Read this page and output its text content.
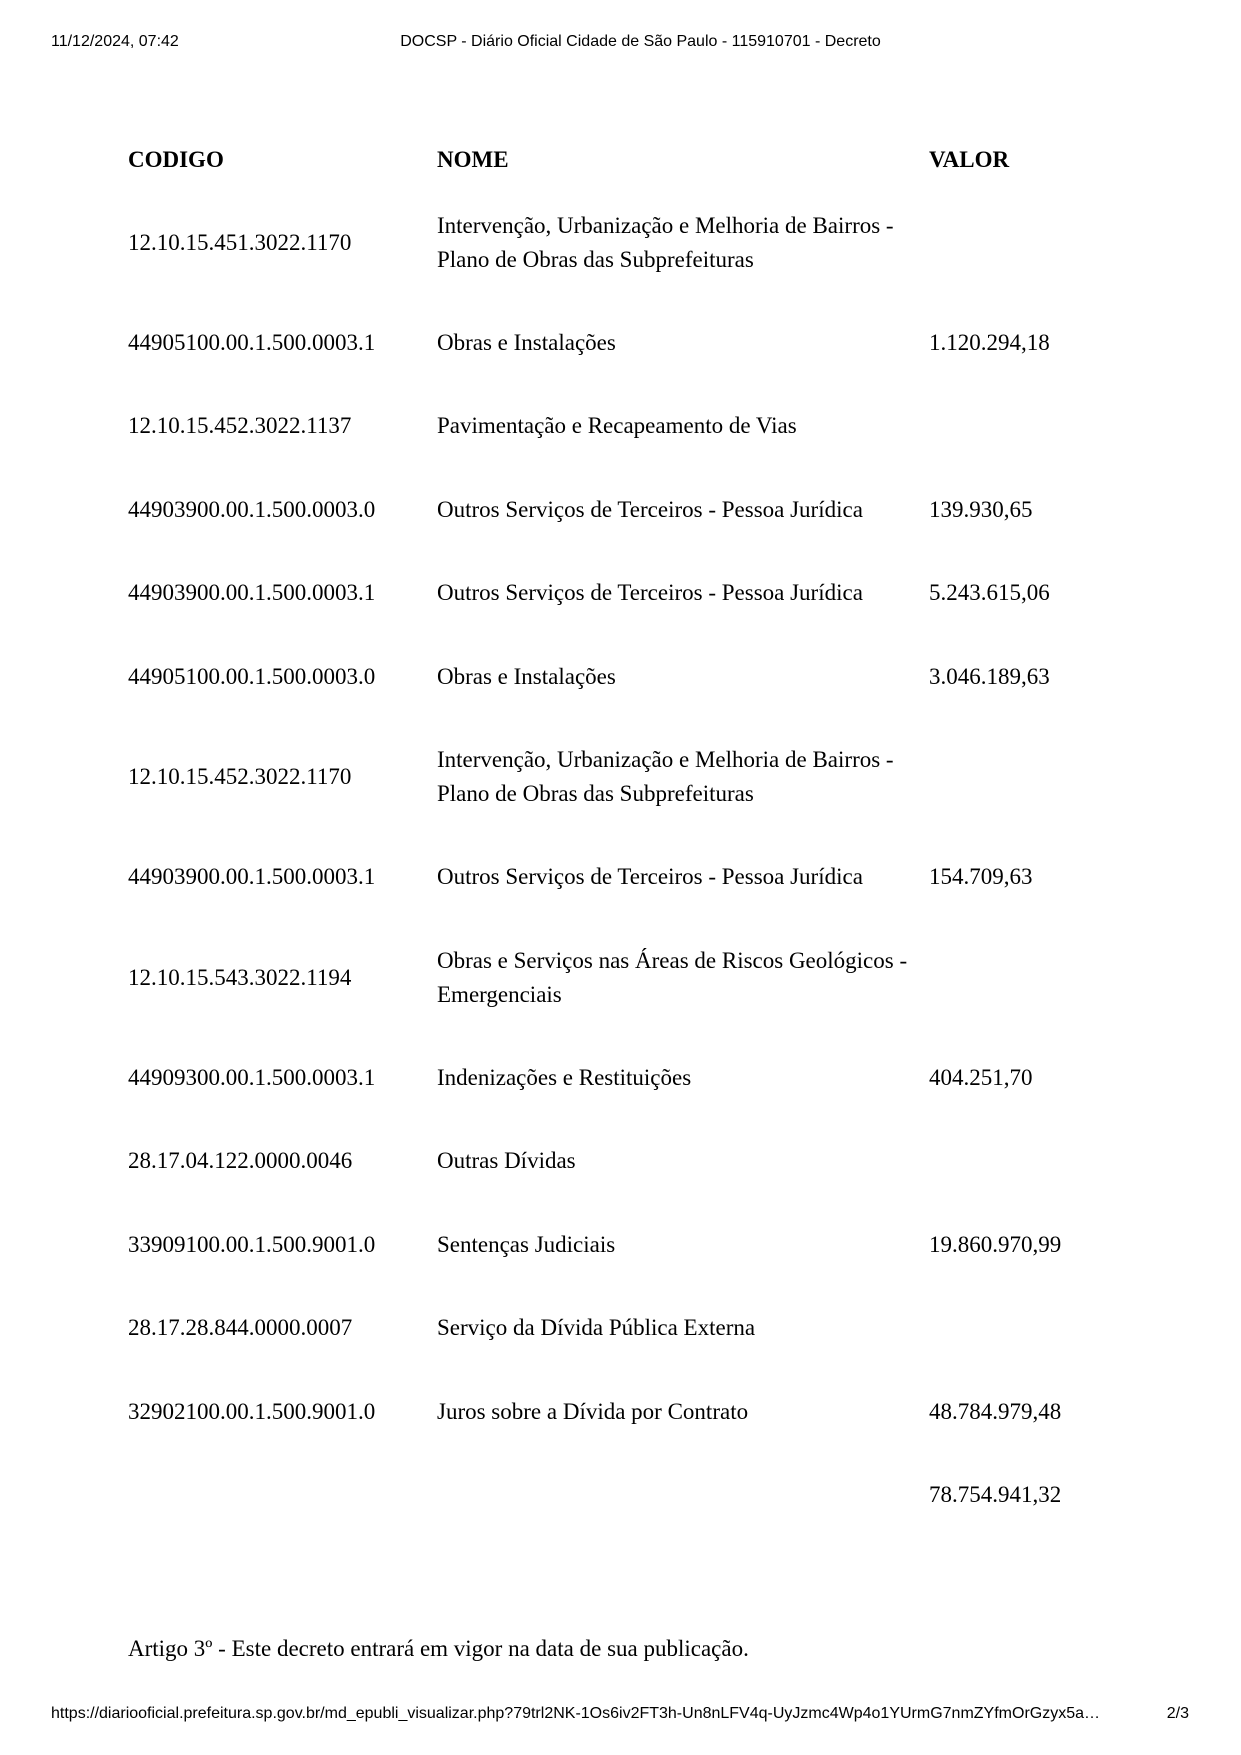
11/12/2024, 07:42	DOCSP - Diário Oficial Cidade de São Paulo - 115910701 - Decreto
CODIGO	NOME	VALOR
12.10.15.451.3022.1170	Intervenção, Urbanização e Melhoria de Bairros - Plano de Obras das Subprefeituras	
44905100.00.1.500.0003.1	Obras e Instalações	1.120.294,18
12.10.15.452.3022.1137	Pavimentação e Recapeamento de Vias	
44903900.00.1.500.0003.0	Outros Serviços de Terceiros - Pessoa Jurídica	139.930,65
44903900.00.1.500.0003.1	Outros Serviços de Terceiros - Pessoa Jurídica	5.243.615,06
44905100.00.1.500.0003.0	Obras e Instalações	3.046.189,63
12.10.15.452.3022.1170	Intervenção, Urbanização e Melhoria de Bairros - Plano de Obras das Subprefeituras	
44903900.00.1.500.0003.1	Outros Serviços de Terceiros - Pessoa Jurídica	154.709,63
12.10.15.543.3022.1194	Obras e Serviços nas Áreas de Riscos Geológicos - Emergenciais	
44909300.00.1.500.0003.1	Indenizações e Restituições	404.251,70
28.17.04.122.0000.0046	Outras Dívidas	
33909100.00.1.500.9001.0	Sentenças Judiciais	19.860.970,99
28.17.28.844.0000.0007	Serviço da Dívida Pública Externa	
32902100.00.1.500.9001.0	Juros sobre a Dívida por Contrato	48.784.979,48
		78.754.941,32
Artigo 3º - Este decreto entrará em vigor na data de sua publicação.
https://diariooficial.prefeitura.sp.gov.br/md_epubli_visualizar.php?79trl2NK-1Os6iv2FT3h-Un8nLFV4q-UyJzmc4Wp4o1YUrmG7nmZYfmOrGzyx5a…	2/3
